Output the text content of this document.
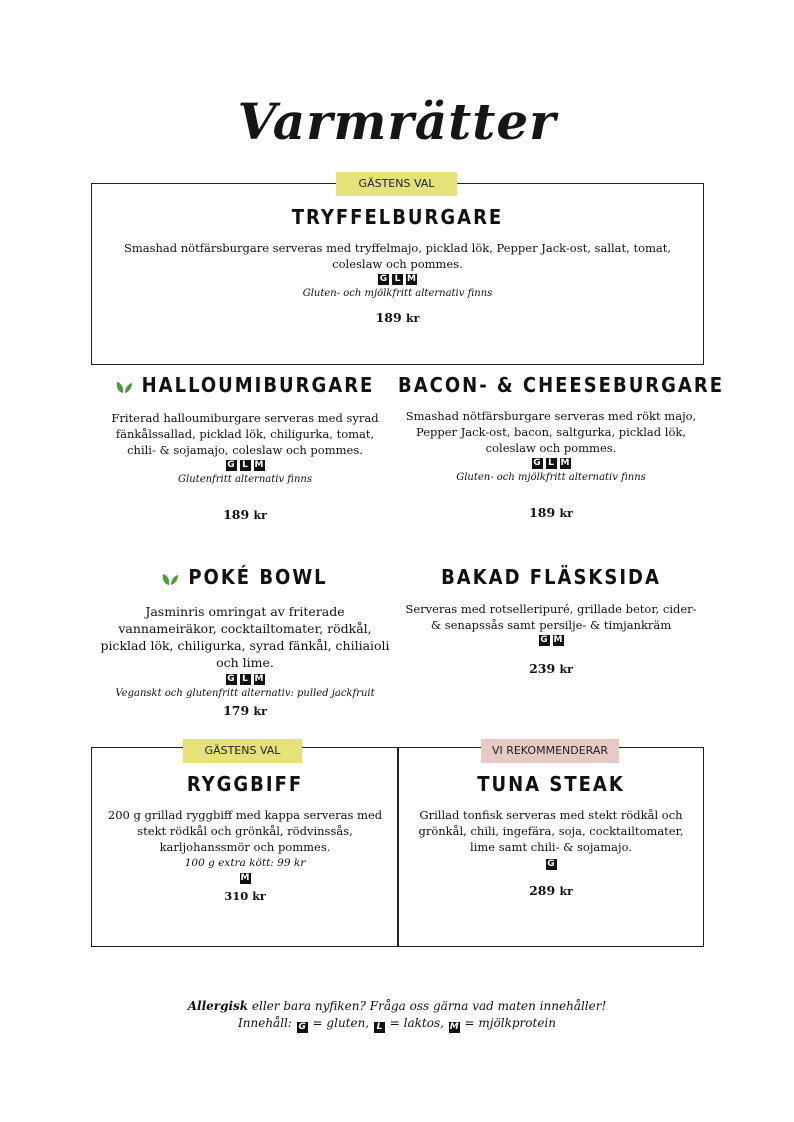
Varmrätter
GÄSTENS VAL
TRYFFELBURGARE
Smashad nötfärsburgare serveras med tryffelmajo, picklad lök, Pepper Jack-ost, sallat, tomat, coleslaw och pommes.
G L M
Gluten- och mjölkfritt alternativ finns
189 kr
HALLOUMIBURGARE
Friterad halloumiburgare serveras med syrad fänkålssallad, picklad lök, chiligurka, tomat, chili- & sojamajo, coleslaw och pommes.
G L M
Glutenfritt alternativ finns
189 kr
BACON- & CHEESEBURGARE
Smashad nötfärsburgare serveras med rökt majo, Pepper Jack-ost, bacon, saltgurka, picklad lök, coleslaw och pommes.
G L M
Gluten- och mjölkfritt alternativ finns
189 kr
POKÉ BOWL
Jasminris omringat av friterade vannameiräkor, cocktailtomater, rödkål, picklad lök, chiligurka, syrad fänkål, chiliaioli och lime.
G L M
Veganskt och glutenfritt alternativ: pulled jackfruit
179 kr
BAKAD FLÄSKSIDA
Serveras med rotselleripuré, grillade betor, cider- & senapssås samt persilje- & timjankräm
G M
239 kr
GÄSTENS VAL	VI REKOMMENDERAR
RYGGBIFF
200 g grillad ryggbiff med kappa serveras med stekt rödkål och grönkål, rödvinssås, karljohanssmör och pommes.
100 g extra kött: 99 kr
M
310 kr
TUNA STEAK
Grillad tonfisk serveras med stekt rödkål och grönkål, chili, ingefära, soja, cocktailtomater, lime samt chili- & sojamajo.
G
289 kr
Allergisk eller bara nyfiken? Fråga oss gärna vad maten innehåller!
Innehåll: G = gluten, L = laktos, M = mjölkprotein
